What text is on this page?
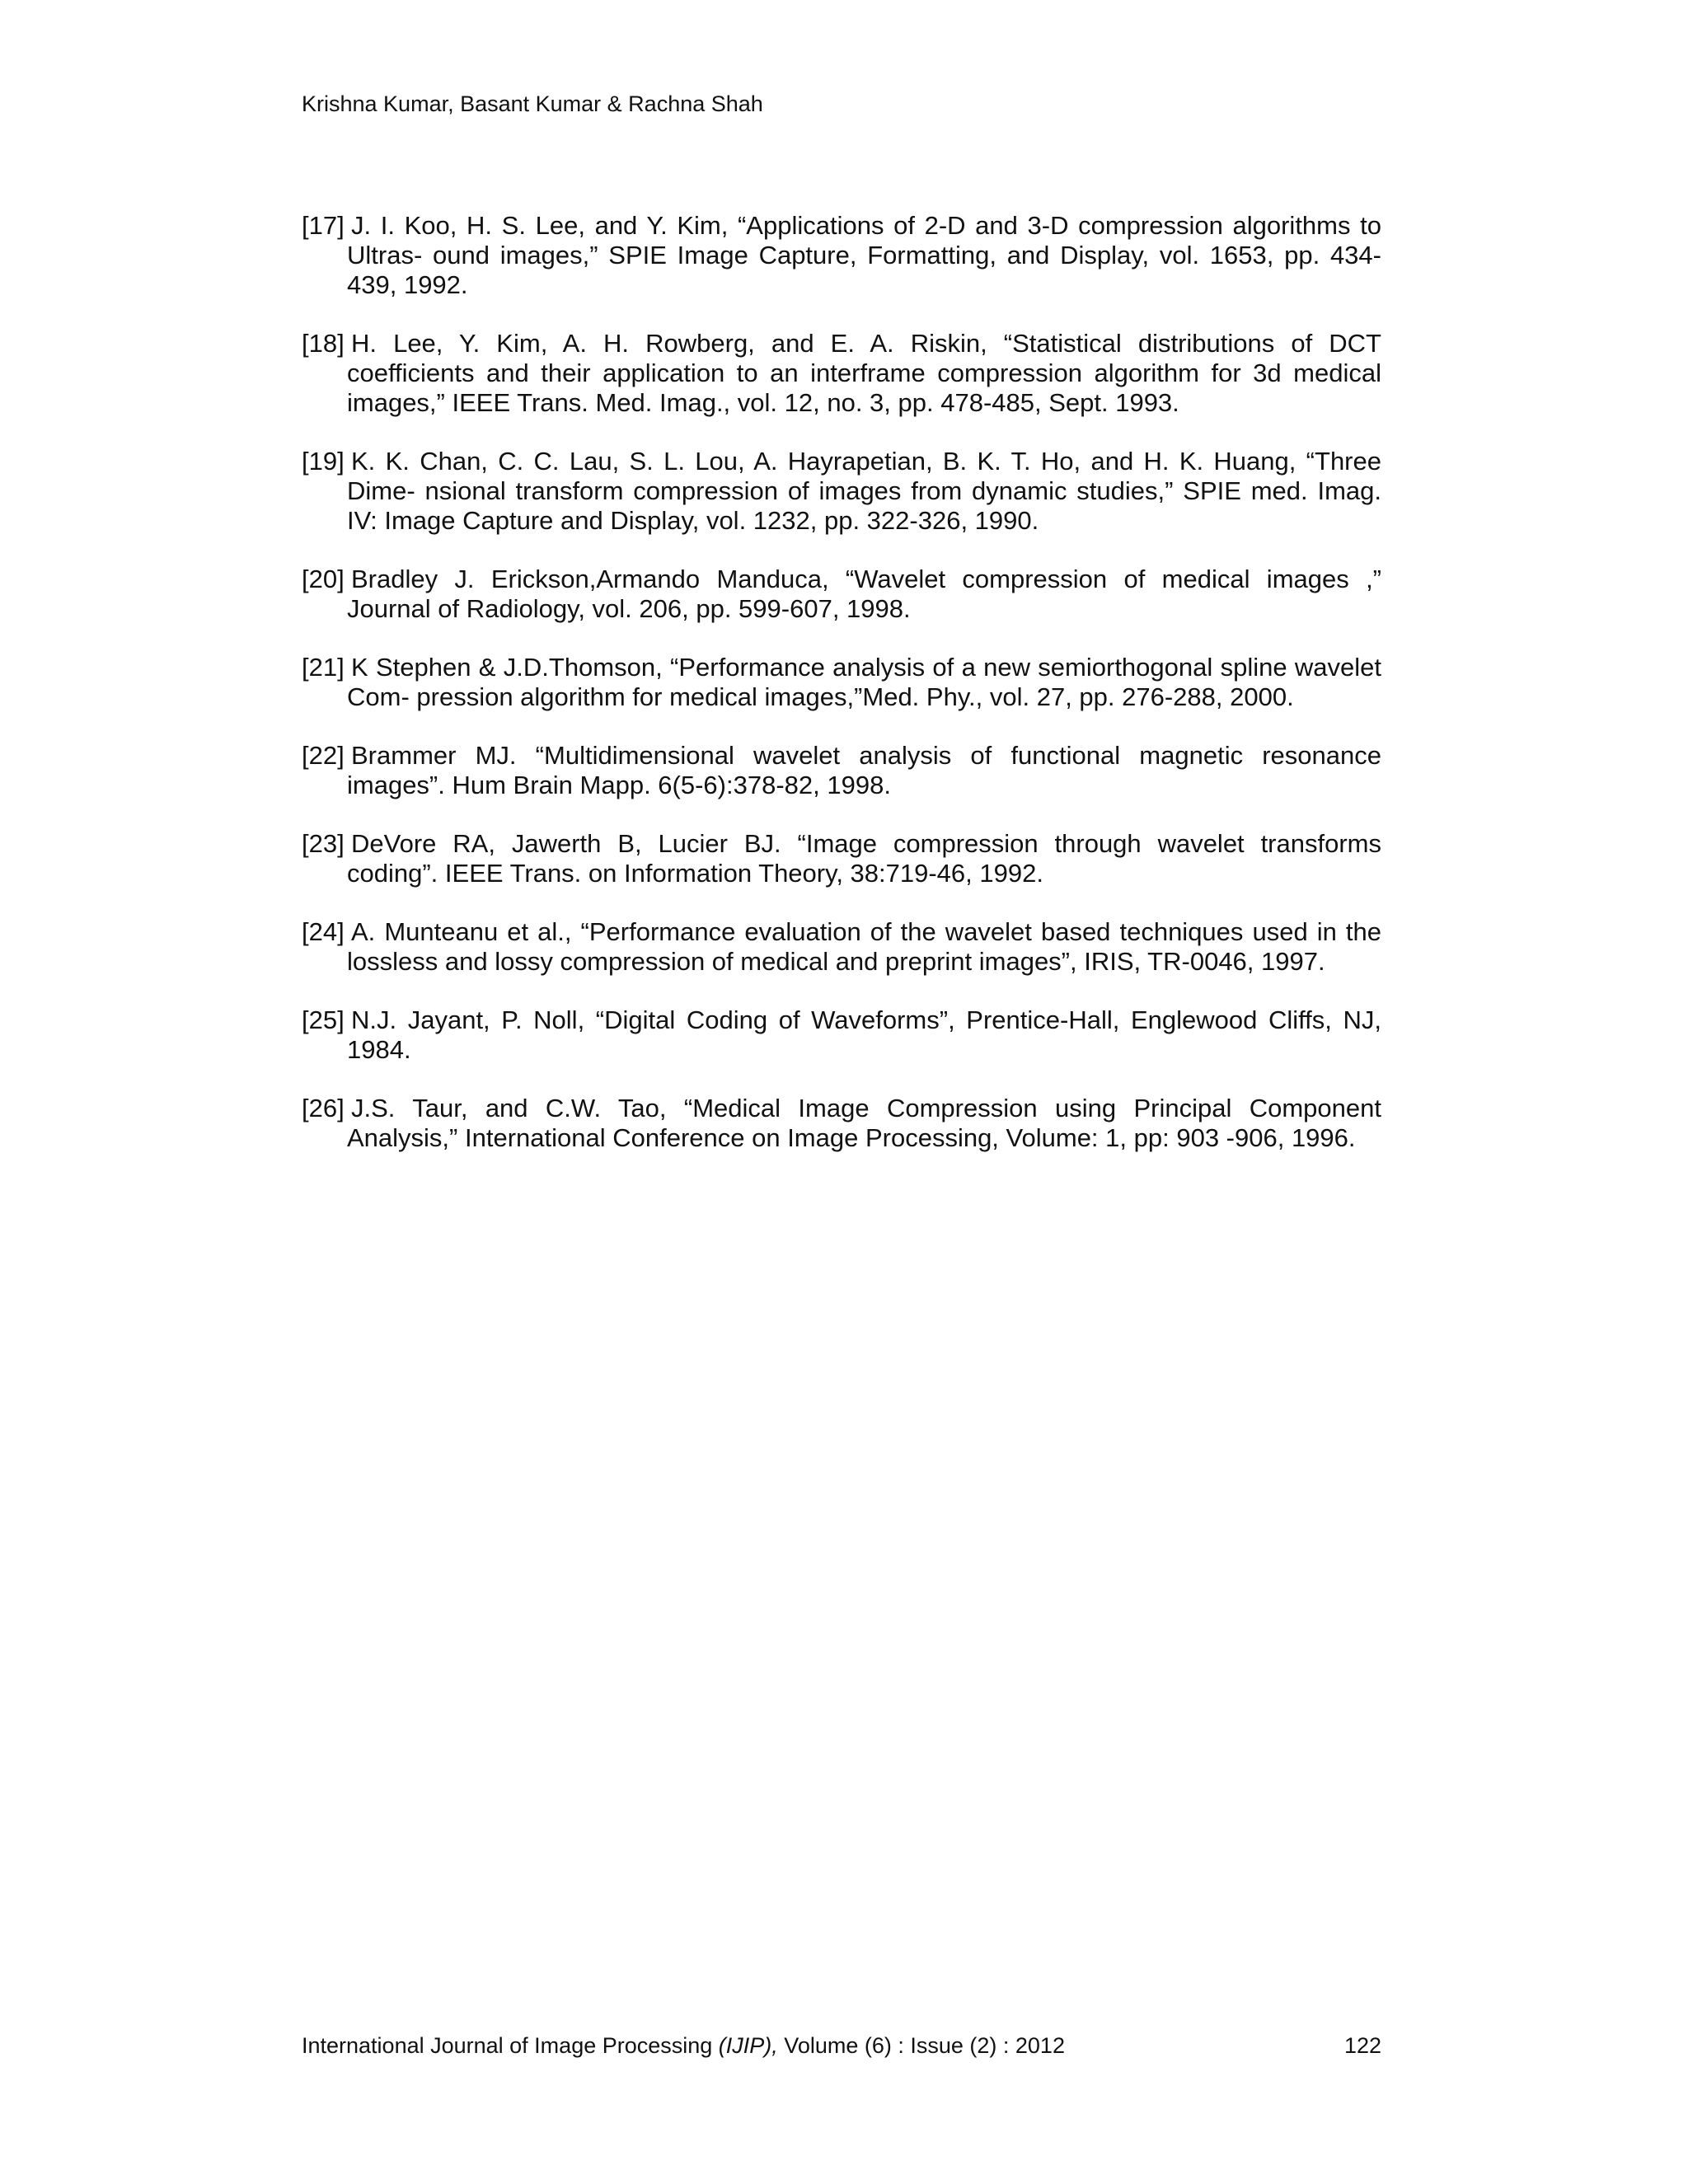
Krishna Kumar, Basant Kumar & Rachna Shah
[17] J. I. Koo, H. S. Lee, and Y. Kim, “Applications of 2-D and 3-D compression algorithms to Ultras- ound images,” SPIE Image Capture, Formatting, and Display, vol. 1653, pp. 434-439, 1992.
[18] H. Lee, Y. Kim, A. H. Rowberg, and E. A. Riskin, “Statistical distributions of DCT coefficients and their application to an interframe compression algorithm for 3d medical images,” IEEE Trans. Med. Imag., vol. 12, no. 3, pp. 478-485, Sept. 1993.
[19] K. K. Chan, C. C. Lau, S. L. Lou, A. Hayrapetian, B. K. T. Ho, and H. K. Huang, “Three Dime- nsional transform compression of images from dynamic studies,” SPIE med. Imag. IV: Image Capture and Display, vol. 1232, pp. 322-326, 1990.
[20] Bradley J. Erickson,Armando Manduca, “Wavelet compression of medical images ,” Journal of Radiology, vol. 206, pp. 599-607, 1998.
[21] K Stephen & J.D.Thomson, “Performance analysis of a new semiorthogonal spline wavelet Com- pression algorithm for medical images,”Med. Phy., vol. 27, pp. 276-288, 2000.
[22] Brammer MJ. “Multidimensional wavelet analysis of functional magnetic resonance images”. Hum Brain Mapp. 6(5-6):378-82, 1998.
[23] DeVore RA, Jawerth B, Lucier BJ. “Image compression through wavelet transforms coding”. IEEE Trans. on Information Theory, 38:719-46, 1992.
[24] A. Munteanu et al., “Performance evaluation of the wavelet based techniques used in the lossless and lossy compression of medical and preprint images”, IRIS, TR-0046, 1997.
[25] N.J. Jayant, P. Noll, “Digital Coding of Waveforms”, Prentice-Hall, Englewood Cliffs, NJ, 1984.
[26] J.S. Taur, and C.W. Tao, “Medical Image Compression using Principal Component Analysis,” International Conference on Image Processing, Volume: 1, pp: 903 -906, 1996.
International Journal of Image Processing (IJIP), Volume (6) : Issue (2) : 2012	122
